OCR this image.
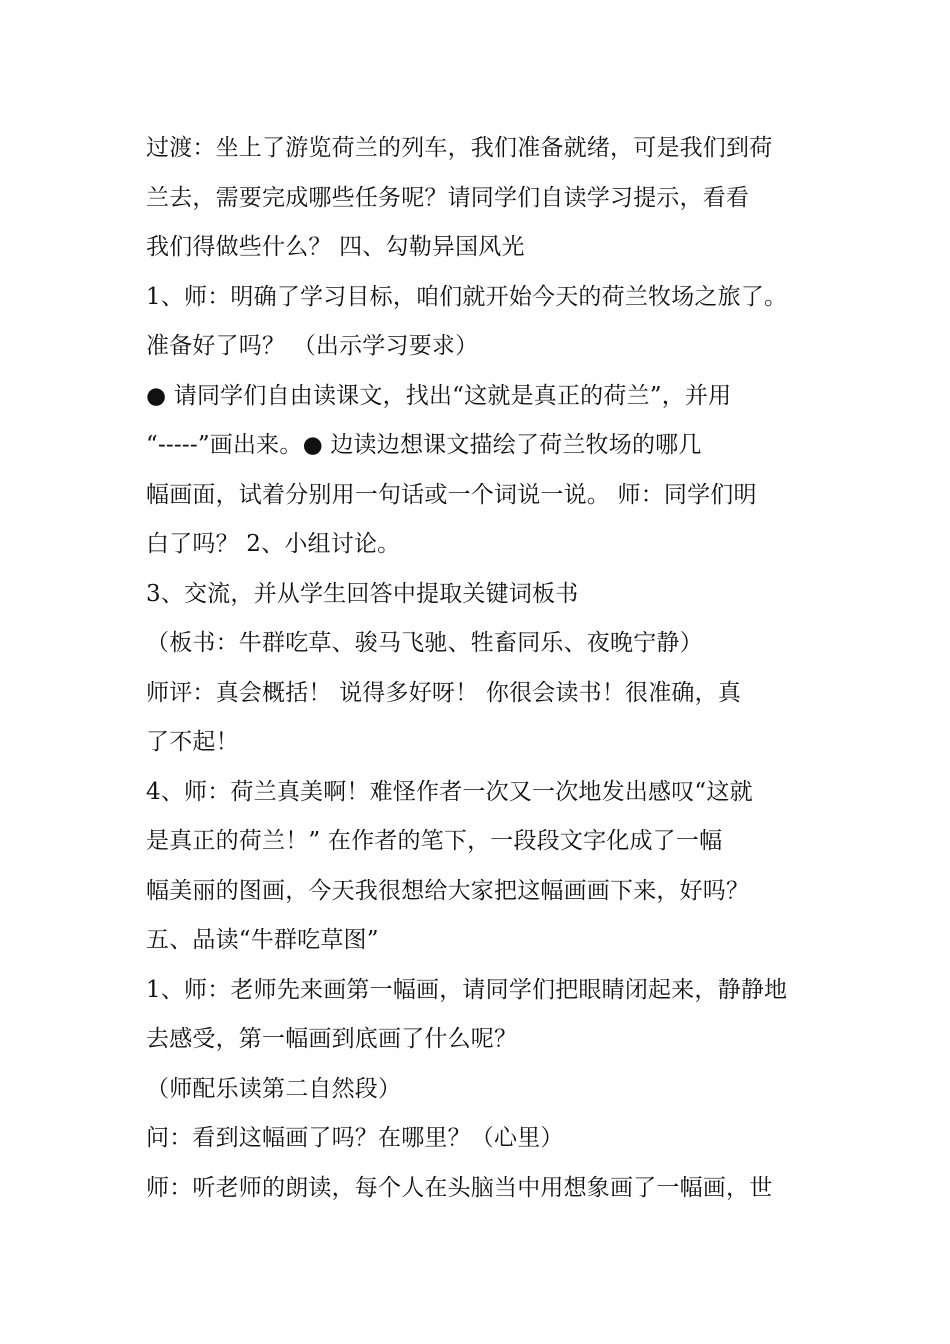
过渡：坐上了游览荷兰的列车，我们准备就绪，可是我们到荷
兰去，需要完成哪些任务呢？请同学们自读学习提示，看看
我们得做些什么？ 四、勾勒异国风光
1、师：明确了学习目标，咱们就开始今天的荷兰牧场之旅了。
准备好了吗？ （出示学习要求）
● 请同学们自由读课文，找出“这就是真正的荷兰”，并用
“-----”画出来。● 边读边想课文描绘了荷兰牧场的哪几
幅画面，试着分别用一句话或一个词说一说。 师：同学们明
白了吗？ 2、小组讨论。
3、交流，并从学生回答中提取关键词板书
（板书：牛群吃草、骏马飞驰、牲畜同乐、夜晚宁静）
师评：真会概括！ 说得多好呀！ 你很会读书！很准确，真
了不起！
4、师：荷兰真美啊！难怪作者一次又一次地发出感叹“这就
是真正的荷兰！” 在作者的笔下，一段段文字化成了一幅
幅美丽的图画，今天我很想给大家把这幅画画下来，好吗？
五、品读“牛群吃草图”
1、师：老师先来画第一幅画，请同学们把眼睛闭起来，静静地
去感受，第一幅画到底画了什么呢？
（师配乐读第二自然段）
问：看到这幅画了吗？在哪里？（心里）
师：听老师的朗读，每个人在头脑当中用想象画了一幅画，世
